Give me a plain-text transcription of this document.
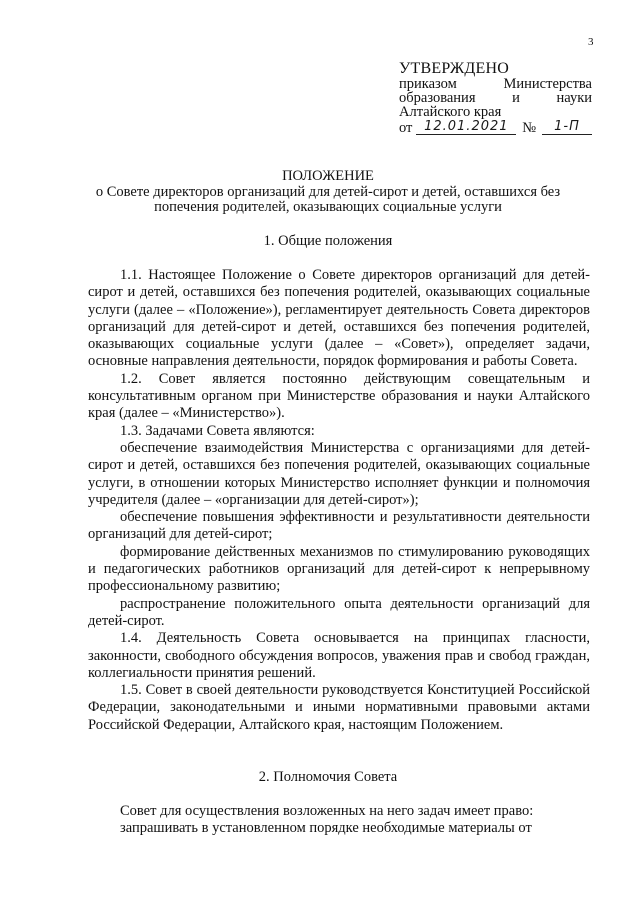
3
УТВЕРЖДЕНО
приказом	Министерства
образования	и	науки
Алтайского края
от 12.01.2021 №	1-П
ПОЛОЖЕНИЕ
о Совете директоров организаций для детей-сирот и детей, оставшихся без
попечения родителей, оказывающих социальные услуги
1. Общие положения

1.1. Настоящее Положение о Совете директоров организаций для детей-сирот и детей, оставшихся без попечения родителей, оказывающих социальные услуги (далее – «Положение»), регламентирует деятельность Совета директоров организаций для детей-сирот и детей, оставшихся без попечения родителей, оказывающих социальные услуги (далее – «Совет»), определяет задачи, основные направления деятельности, порядок формирования и работы Совета.

1.2. Совет является постоянно действующим совещательным и консультативным органом при Министерстве образования и науки Алтайского края (далее – «Министерство»).

1.3. Задачами Совета являются:

обеспечение взаимодействия Министерства с организациями для детей-сирот и детей, оставшихся без попечения родителей, оказывающих социальные услуги, в отношении которых Министерство исполняет функции и полномочия учредителя (далее – «организации для детей-сирот»);

обеспечение повышения эффективности и результативности деятельности организаций для детей-сирот;

формирование действенных механизмов по стимулированию руководящих и педагогических работников организаций для детей-сирот к непрерывному профессиональному развитию;

распространение положительного опыта деятельности организаций для детей-сирот.

1.4. Деятельность Совета основывается на принципах гласности, законности, свободного обсуждения вопросов, уважения прав и свобод граждан, коллегиальности принятия решений.

1.5. Совет в своей деятельности руководствуется Конституцией Российской Федерации, законодательными и иными нормативными правовыми актами Российской Федерации, Алтайского края, настоящим Положением.

2. Полномочия Совета

Совет для осуществления возложенных на него задач имеет право:

запрашивать в установленном порядке необходимые материалы от
